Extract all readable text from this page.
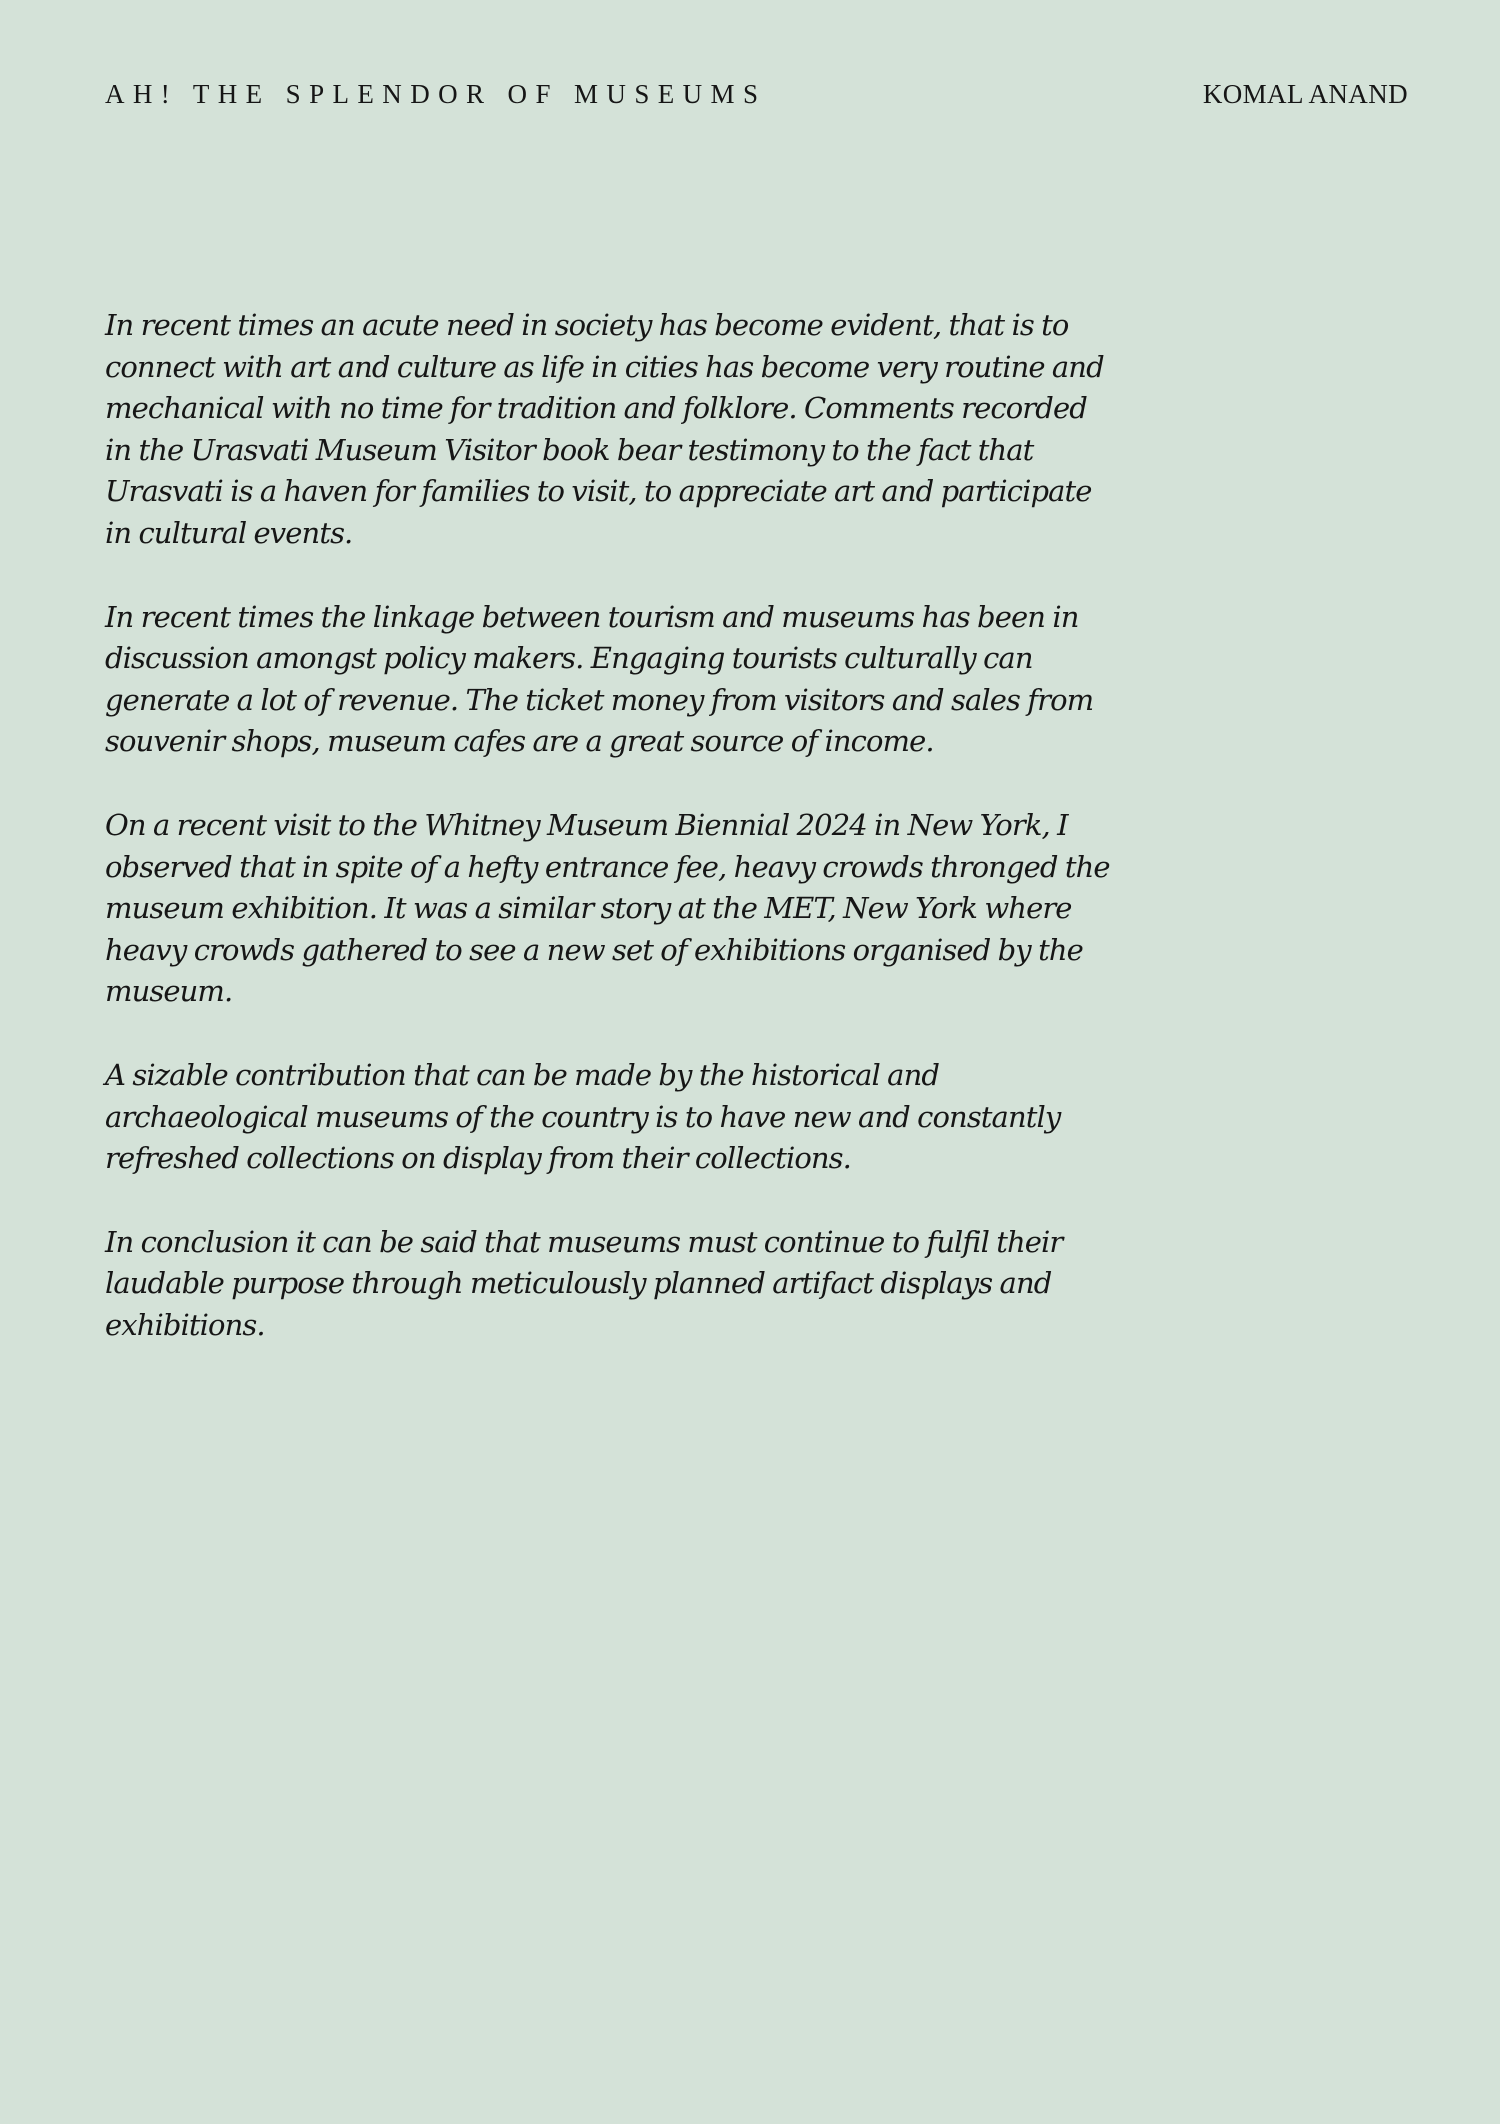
AH! THE SPLENDOR OF MUSEUMS	KOMAL ANAND

In recent times an acute need in society has become evident, that is to connect with art and culture as life in cities has become very routine and mechanical with no time for tradition and folklore. Comments recorded in the Urasvati Museum Visitor book bear testimony to the fact that Urasvati is a haven for families to visit, to appreciate art and participate in cultural events.

In recent times the linkage between tourism and museums has been in discussion amongst policy makers. Engaging tourists culturally can generate a lot of revenue. The ticket money from visitors and sales from souvenir shops, museum cafes are a great source of income.

On a recent visit to the Whitney Museum Biennial 2024 in New York, I observed that in spite of a hefty entrance fee, heavy crowds thronged the museum exhibition. It was a similar story at the MET, New York where heavy crowds gathered to see a new set of exhibitions organised by the museum.

A sizable contribution that can be made by the historical and archaeological museums of the country is to have new and constantly refreshed collections on display from their collections.

In conclusion it can be said that museums must continue to fulfil their laudable purpose through meticulously planned artifact displays and exhibitions.
